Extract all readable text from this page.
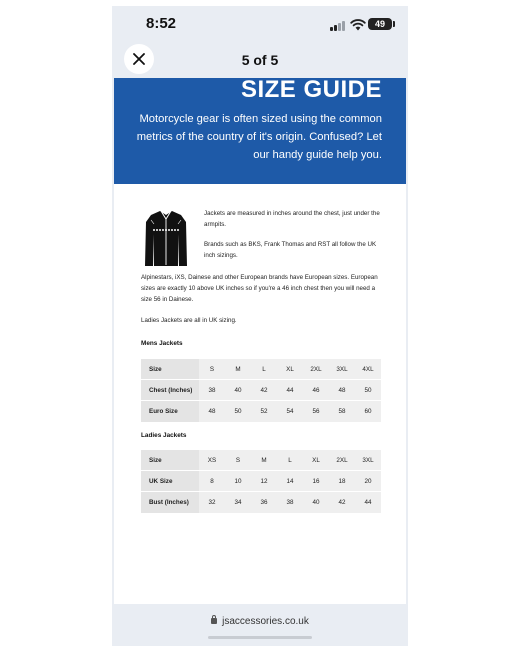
8:52	49
5 of 5
SIZE GUIDE
Motorcycle gear is often sized using the common metrics of the country of it's origin. Confused? Let our handy guide help you.
Jackets are measured in inches around the chest, just under the armpits.
Brands such as BKS, Frank Thomas and RST all follow the UK inch sizings.
Alpinestars, iXS, Dainese and other European brands have European sizes. European sizes are exactly 10 above UK inches so if you're a 46 inch chest then you will need a size 56 in Dainese.
Ladies Jackets are all in UK sizing.
Mens Jackets
Size	S	M	L	XL	2XL	3XL	4XL
Chest (Inches)	38	40	42	44	46	48	50
Euro Size	48	50	52	54	56	58	60
Ladies Jackets
Size	XS	S	M	L	XL	2XL	3XL
UK Size	8	10	12	14	16	18	20
Bust (Inches)	32	34	36	38	40	42	44
jsaccessories.co.uk
